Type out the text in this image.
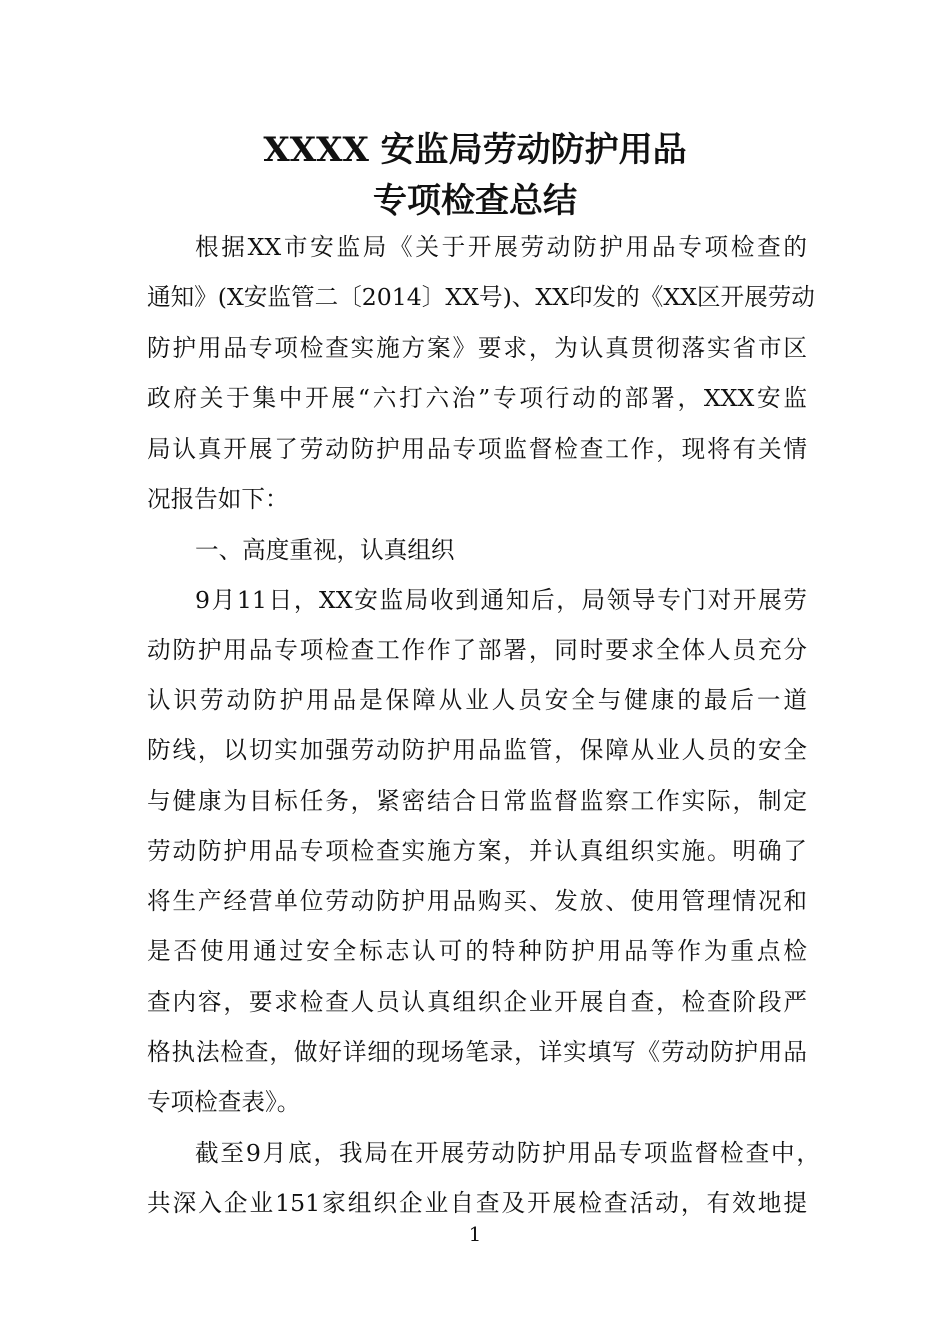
XXXX 安监局劳动防护用品
专项检查总结
根据XX市安监局《关于开展劳动防护用品专项检查的
通知》(X安监管二〔2014〕XX号)、XX印发的《XX区开展劳动
防护用品专项检查实施方案》要求，为认真贯彻落实省市区
政府关于集中开展“六打六治”专项行动的部署，XXX安监
局认真开展了劳动防护用品专项监督检查工作，现将有关情
况报告如下：
一、高度重视，认真组织
9月11日，XX安监局收到通知后，局领导专门对开展劳
动防护用品专项检查工作作了部署，同时要求全体人员充分
认识劳动防护用品是保障从业人员安全与健康的最后一道
防线，以切实加强劳动防护用品监管，保障从业人员的安全
与健康为目标任务，紧密结合日常监督监察工作实际，制定
劳动防护用品专项检查实施方案，并认真组织实施。明确了
将生产经营单位劳动防护用品购买、发放、使用管理情况和
是否使用通过安全标志认可的特种防护用品等作为重点检
查内容，要求检查人员认真组织企业开展自查，检查阶段严
格执法检查，做好详细的现场笔录，详实填写《劳动防护用品
专项检查表》。
截至9月底，我局在开展劳动防护用品专项监督检查中，
共深入企业151家组织企业自查及开展检查活动，有效地提
1
